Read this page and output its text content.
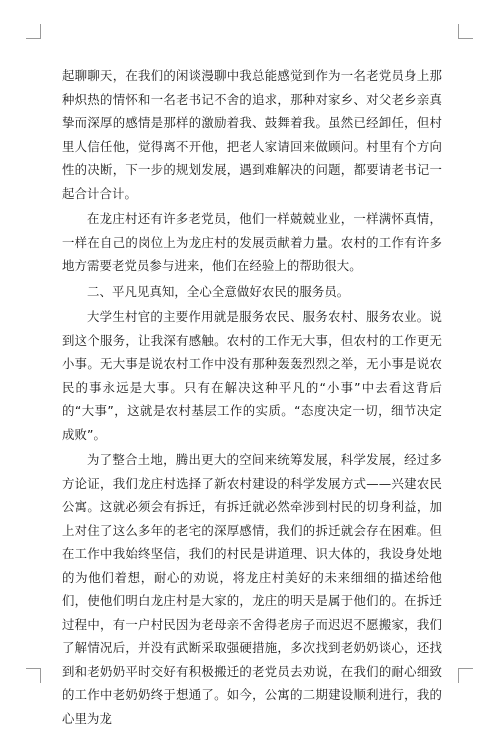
起聊聊天，在我们的闲谈漫聊中我总能感觉到作为一名老党员身上那种炽热的情怀和一名老书记不舍的追求，那种对家乡、对父老乡亲真挚而深厚的感情是那样的激励着我、鼓舞着我。虽然已经卸任，但村里人信任他，觉得离不开他，把老人家请回来做顾问。村里有个方向性的决断，下一步的规划发展，遇到难解决的问题，都要请老书记一起合计合计。

在龙庄村还有许多老党员，他们一样兢兢业业，一样满怀真情，一样在自己的岗位上为龙庄村的发展贡献着力量。农村的工作有许多地方需要老党员参与进来，他们在经验上的帮助很大。

二、平凡见真知，全心全意做好农民的服务员。

大学生村官的主要作用就是服务农民、服务农村、服务农业。说到这个服务，让我深有感触。农村的工作无大事，但农村的工作更无小事。无大事是说农村工作中没有那种轰轰烈烈之举，无小事是说农民的事永远是大事。只有在解决这种平凡的“小事”中去看这背后的“大事”，这就是农村基层工作的实质。“态度决定一切，细节决定成败”。

为了整合土地，腾出更大的空间来统筹发展，科学发展，经过多方论证，我们龙庄村选择了新农村建设的科学发展方式——兴建农民公寓。这就必须会有拆迁，有拆迁就必然牵涉到村民的切身利益，加上对住了这么多年的老宅的深厚感情，我们的拆迁就会存在困难。但在工作中我始终坚信，我们的村民是讲道理、识大体的，我设身处地的为他们着想，耐心的劝说，将龙庄村美好的未来细细的描述给他们，使他们明白龙庄村是大家的，龙庄的明天是属于他们的。在拆迁过程中，有一户村民因为老母亲不舍得老房子而迟迟不愿搬家，我们了解情况后，并没有武断采取强硬措施，多次找到老奶奶谈心，还找到和老奶奶平时交好有积极搬迁的老党员去劝说，在我们的耐心细致的工作中老奶奶终于想通了。如今，公寓的二期建设顺利进行，我的心里为龙
